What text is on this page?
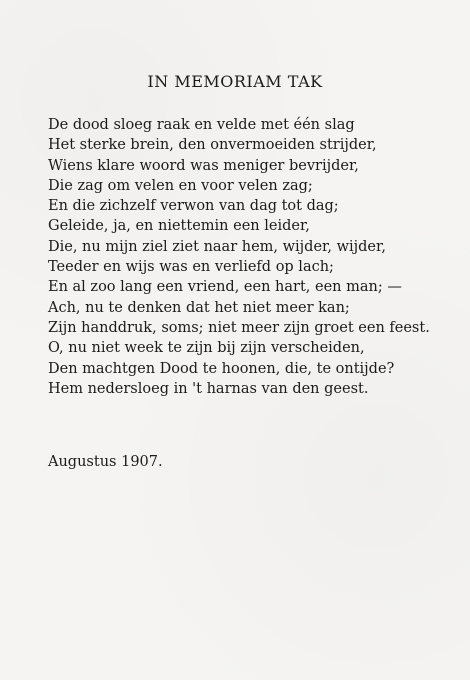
IN MEMORIAM TAK
De dood sloeg raak en velde met één slag
Het sterke brein, den onvermoeiden strijder,
Wiens klare woord was meniger bevrijder,
Die zag om velen en voor velen zag;
En die zichzelf verwon van dag tot dag;
Geleide, ja, en niettemin een leider,
Die, nu mijn ziel ziet naar hem, wijder, wijder,
Teeder en wijs was en verliefd op lach;
En al zoo lang een vriend, een hart, een man; —
Ach, nu te denken dat het niet meer kan;
Zijn handdruk, soms; niet meer zijn groet een feest.
O, nu niet week te zijn bij zijn verscheiden,
Den machtgen Dood te hoonen, die, te ontijde?
Hem nedersloeg in 't harnas van den geest.

Augustus 1907.
